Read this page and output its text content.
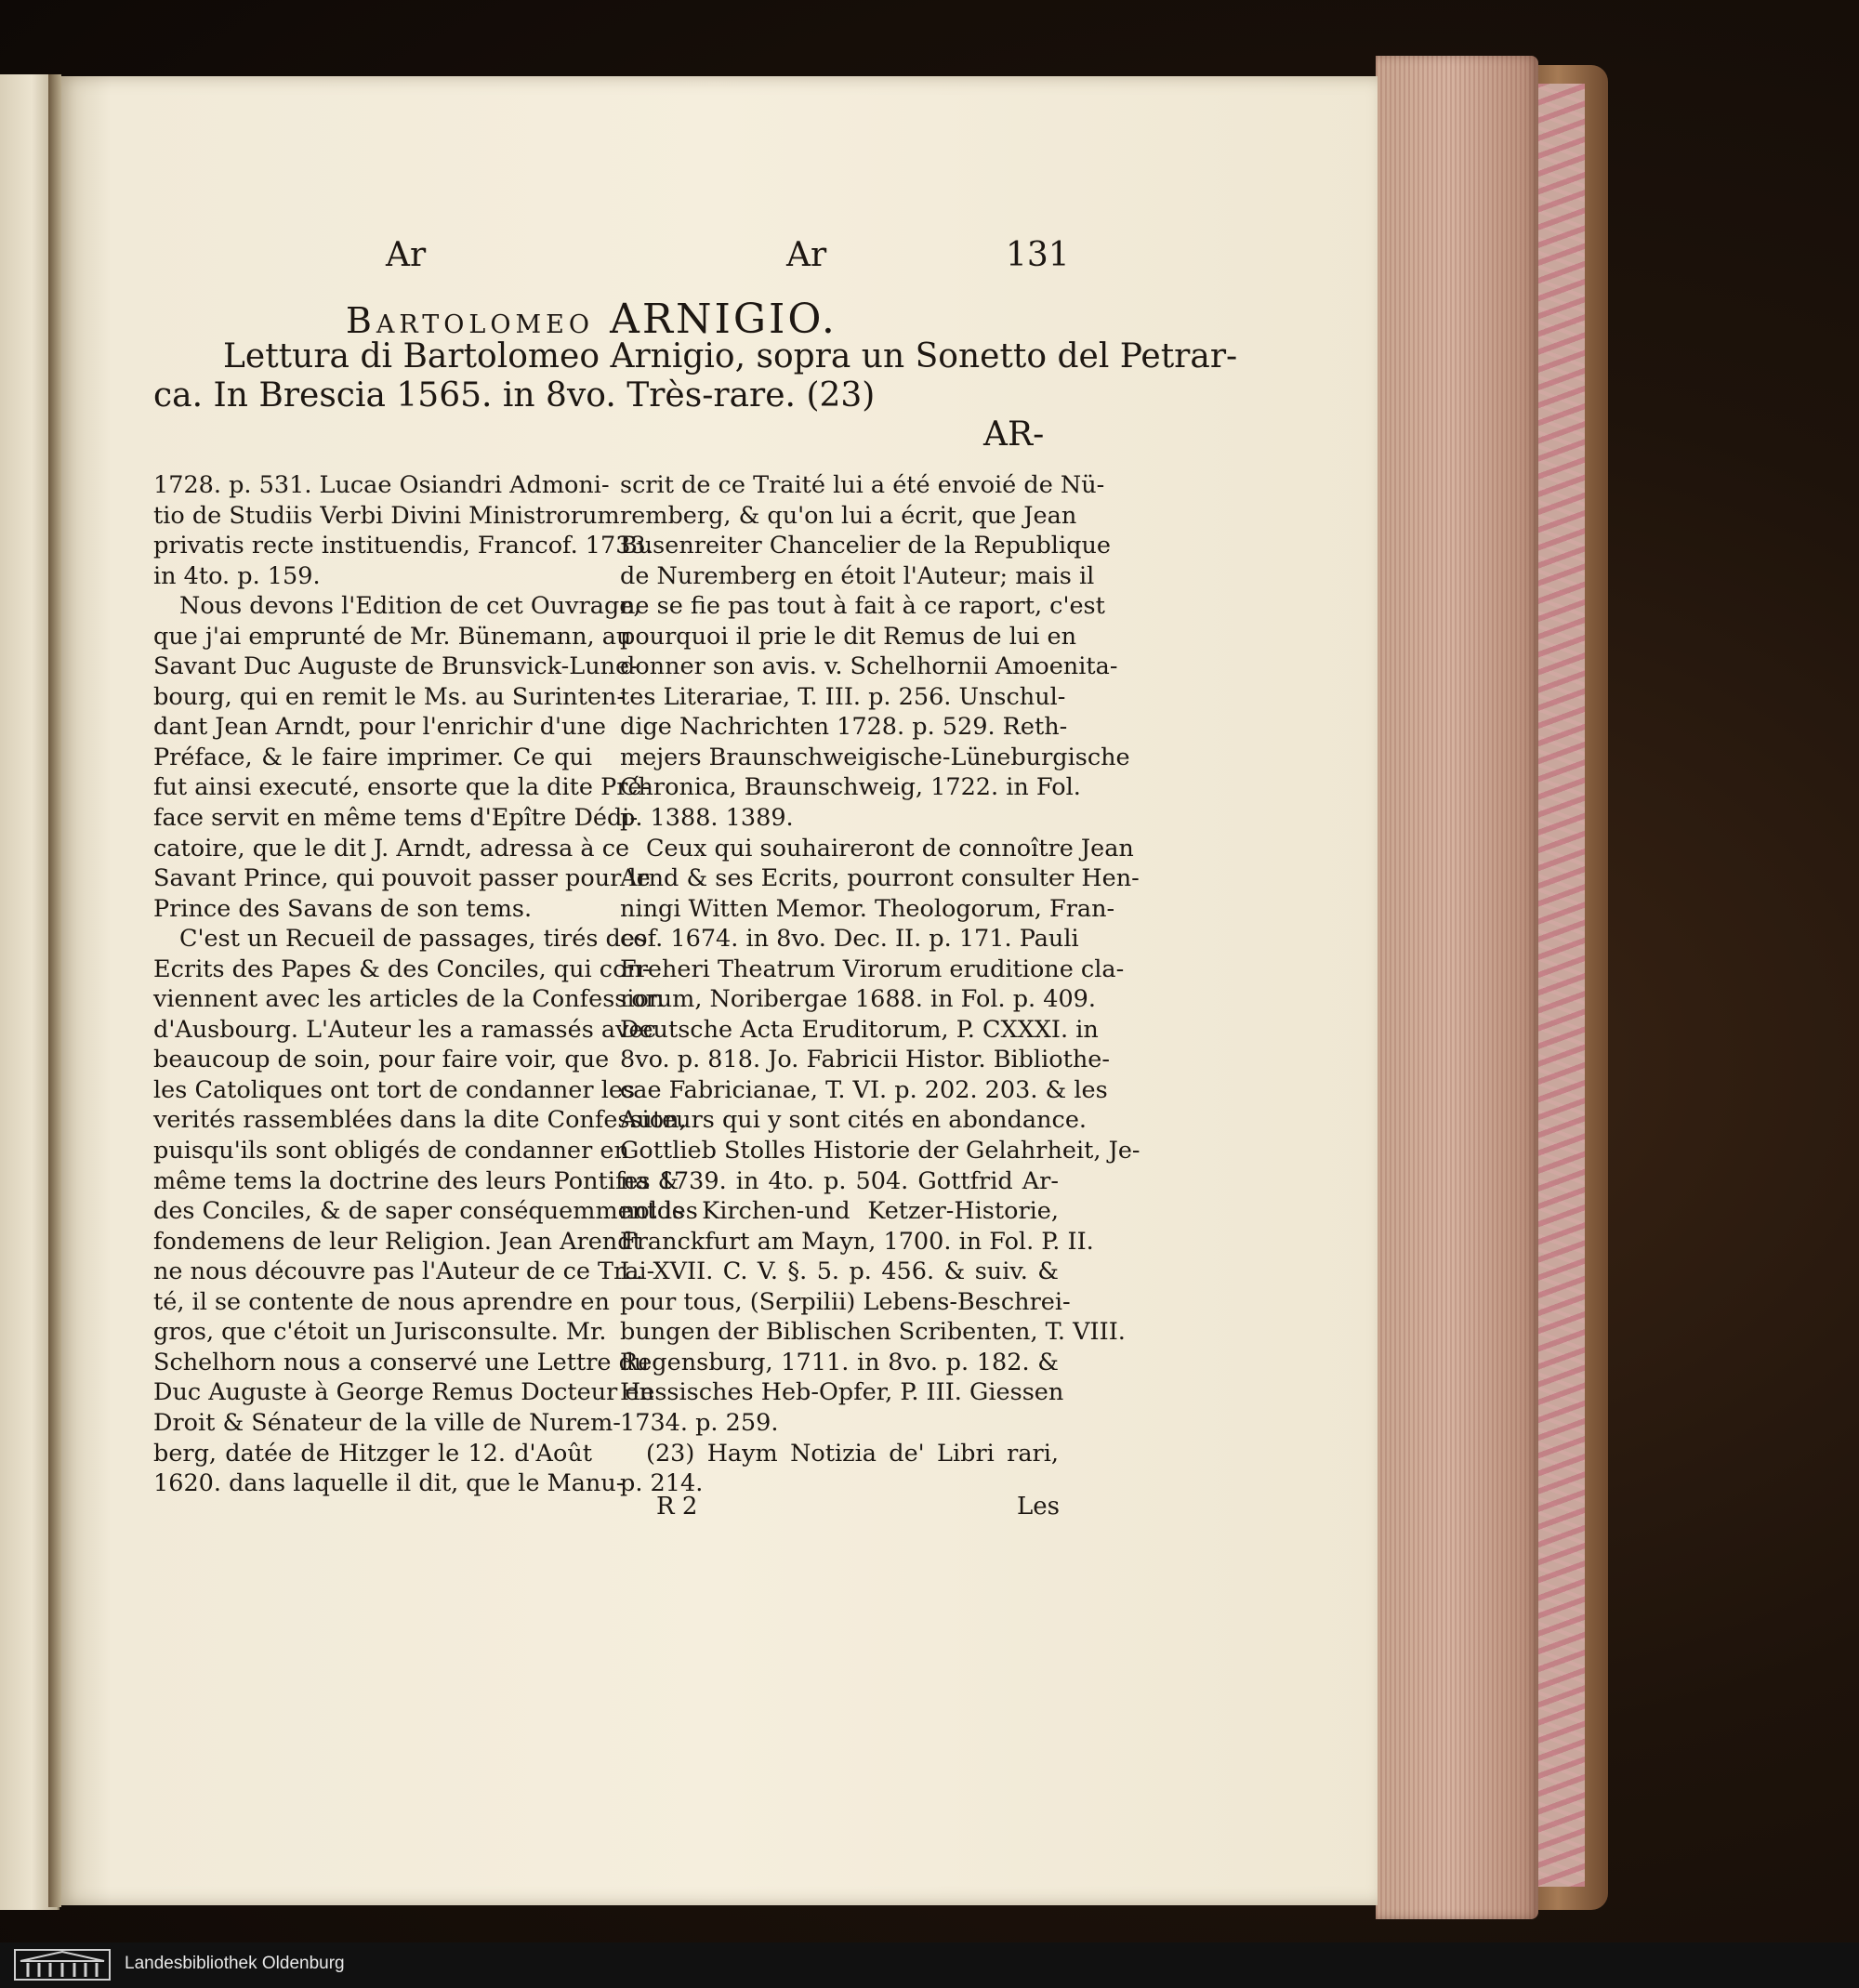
Ar	Ar	131
Bartolomeo ARNIGIO.
Lettura di Bartolomeo Arnigio, sopra un Sonetto del Petrar-
ca. In Brescia 1565. in 8vo. Très-rare. (23)
AR-
1728. p. 531. Lucae Osiandri Admoni-
tio de Studiis Verbi Divini Ministrorum
privatis recte instituendis, Francof. 1733.
in 4to. p. 159.
Nous devons l'Edition de cet Ouvrage,
que j'ai emprunté de Mr. Bünemann, au
Savant Duc Auguste de Brunsvick-Lune-
bourg, qui en remit le Ms. au Surinten-
dant Jean Arndt, pour l'enrichir d'une
Préface, & le faire imprimer. Ce qui
fut ainsi executé, ensorte que la dite Pré-
face servit en même tems d'Epître Dédi-
catoire, que le dit J. Arndt, adressa à ce
Savant Prince, qui pouvoit passer pour le
Prince des Savans de son tems.
C'est un Recueil de passages, tirés des
Ecrits des Papes & des Conciles, qui con-
viennent avec les articles de la Confession
d'Ausbourg. L'Auteur les a ramassés avec
beaucoup de soin, pour faire voir, que
les Catoliques ont tort de condanner les
verités rassemblées dans la dite Confession,
puisqu'ils sont obligés de condanner en
même tems la doctrine des leurs Pontifes &
des Conciles, & de saper conséquemment les
fondemens de leur Religion. Jean Arendt
ne nous découvre pas l'Auteur de ce Trai-
té, il se contente de nous aprendre en
gros, que c'étoit un Jurisconsulte. Mr.
Schelhorn nous a conservé une Lettre du
Duc Auguste à George Remus Docteur en
Droit & Sénateur de la ville de Nurem-
berg, datée de Hitzger le 12. d'Août
1620. dans laquelle il dit, que le Manu-
scrit de ce Traité lui a été envoié de Nü-
remberg, & qu'on lui a écrit, que Jean
Busenreiter Chancelier de la Republique
de Nuremberg en étoit l'Auteur; mais il
ne se fie pas tout à fait à ce raport, c'est
pourquoi il prie le dit Remus de lui en
donner son avis. v. Schelhornii Amoenita-
tes Literariae, T. III. p. 256. Unschul-
dige Nachrichten 1728. p. 529. Reth-
mejers Braunschweigische-Lüneburgische
Chronica, Braunschweig, 1722. in Fol.
p. 1388. 1389.
Ceux qui souhaireront de connoître Jean
Arnd & ses Ecrits, pourront consulter Hen-
ningi Witten Memor. Theologorum, Fran-
cof. 1674. in 8vo. Dec. II. p. 171. Pauli
Freheri Theatrum Virorum eruditione cla-
rorum, Noribergae 1688. in Fol. p. 409.
Deutsche Acta Eruditorum, P. CXXXI. in
8vo. p. 818. Jo. Fabricii Histor. Bibliothe-
cae Fabricianae, T. VI. p. 202. 203. & les
Auteurs qui y sont cités en abondance.
Gottlieb Stolles Historie der Gelahrheit, Je-
na 1739. in 4to. p. 504. Gottfrid Ar-
nolds Kirchen-und Ketzer-Historie,
Franckfurt am Mayn, 1700. in Fol. P. II.
L. XVII. C. V. §. 5. p. 456. & suiv. &
pour tous, (Serpilii) Lebens-Beschrei-
bungen der Biblischen Scribenten, T. VIII.
Regensburg, 1711. in 8vo. p. 182. &
Hessisches Heb-Opfer, P. III. Giessen
1734. p. 259.
(23) Haym Notizia de' Libri rari,
p. 214.
R 2	Les
Landesbibliothek Oldenburg
